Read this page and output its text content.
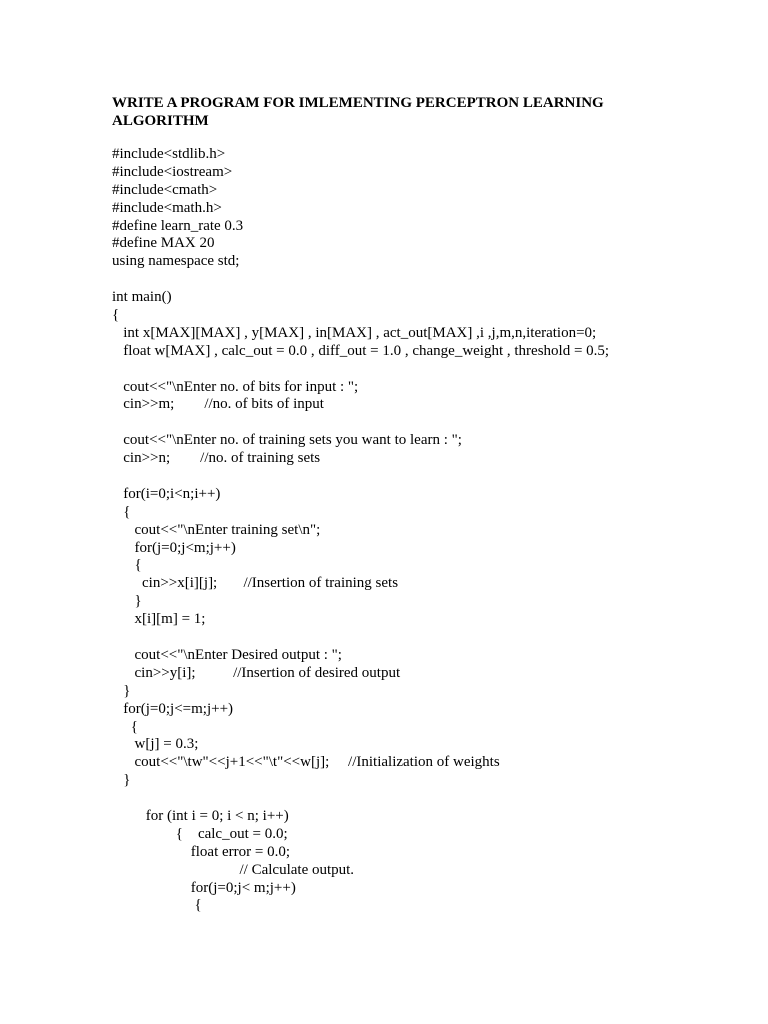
WRITE A PROGRAM FOR IMLEMENTING PERCEPTRON LEARNING ALGORITHM
#include<stdlib.h>
#include<iostream>
#include<cmath>
#include<math.h>
#define learn_rate 0.3
#define MAX 20
using namespace std;
int main()
{
int x[MAX][MAX] , y[MAX] , in[MAX] , act_out[MAX] ,i ,j,m,n,iteration=0;
float w[MAX] , calc_out = 0.0 , diff_out = 1.0 , change_weight , threshold = 0.5;
cout<<"\nEnter no. of bits for input : ";
cin>>m;        //no. of bits of input
cout<<"\nEnter no. of training sets you want to learn : ";
cin>>n;        //no. of training sets
for(i=0;i<n;i++)
{
cout<<"\nEnter training set\n";
for(j=0;j<m;j++)
{
cin>>x[i][j];       //Insertion of training sets
}
x[i][m] = 1;
cout<<"\nEnter Desired output : ";
cin>>y[i];          //Insertion of desired output
}
for(j=0;j<=m;j++)
{
w[j] = 0.3;
cout<<"\tw"<<j+1<<"\t"<<w[j];     //Initialization of weights
}
for (int i = 0; i < n; i++)
{    calc_out = 0.0;
float error = 0.0;
// Calculate output.
for(j=0;j< m;j++)
{
